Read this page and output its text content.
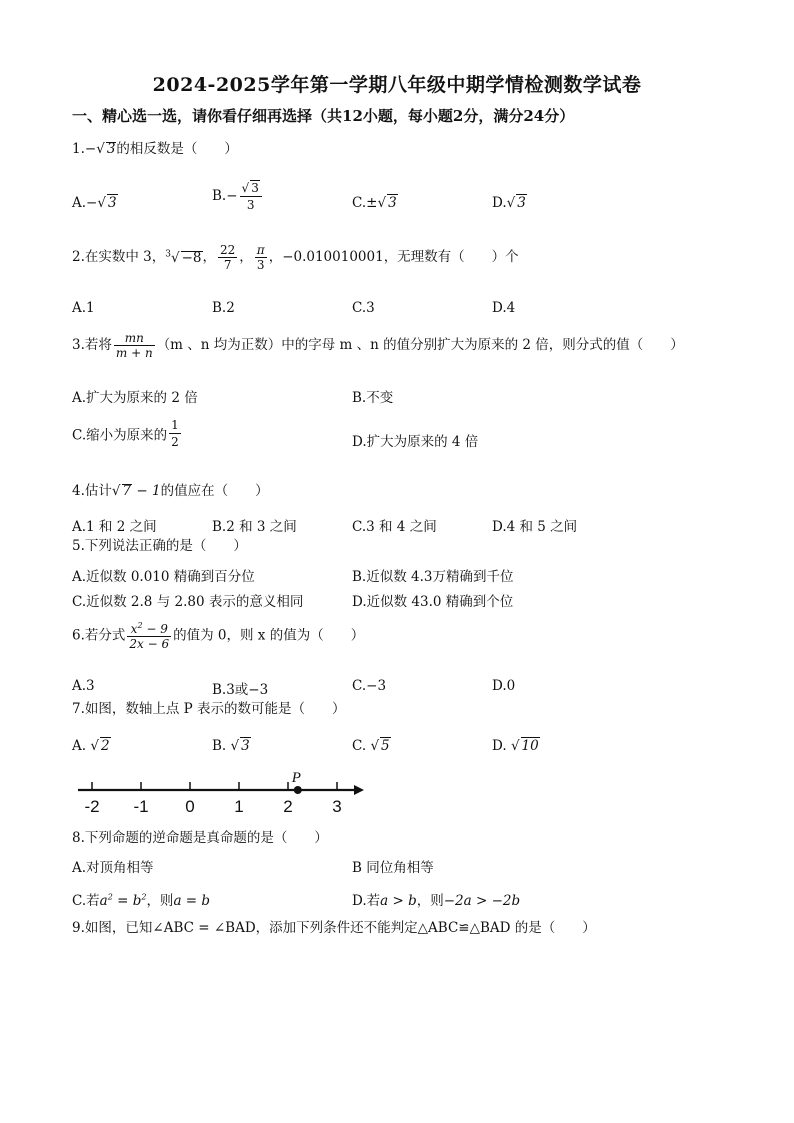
2024-2025学年第一学期八年级中期学情检测数学试卷
一、精心选一选，请你看仔细再选择（共12小题，每小题2分，满分24分）
1.−√ 3的相反数是（　　）
A.−√ 3	$B.- \frac{√ 3}{3}$	C.±√ 3	D.√ 3
2.在实数中 3，$^3$√ −8， $\frac{22}{7}$ ， $\frac{\pi}{3}$ ，−0.010010001，无理数有（　　）个
A.1	B.2	C.3	D.4
3.若将 $\frac{mn}{m + n} (m$ 、n 均为正数）中的字母 m 、n 的值分别扩大为原来的 2 倍，则分式的值（　　）
A.扩大为原来的 2 倍	B.不变
C.缩小为原来的 $\frac{1}{2}$	D.扩大为原来的 4 倍
4.估计√ 7 − 1的值应在（　　）
A.1 和 2 之间	B.2 和 3 之间	C.3 和 4 之间	D.4 和 5 之间
5.下列说法正确的是（　　）
A.近似数 0.010 精确到百分位	B.近似数 4.3万精确到千位
C.近似数 2.8 与 2.80 表示的意义相同	D.近似数 43.0 精确到个位
6.若分式 $\frac{x^2 - 9}{2x - 6}$ 的值为 0，则 x 的值为（　　）
A.3	B.3或−3	C.−3	D.0
7.如图，数轴上点 P 表示的数可能是（　　）
A. √ 2	B. √ 3	C. √ 5	D. √ 10
-2 -1 0 1 2 3
P
8.下列命题的逆命题是真命题的是（　　）
A.对顶角相等	B 同位角相等
C.若$a^2 = b^2$，则a = b	D.若a > b，则−2a > −2b
9.如图，已知∠ABC = ∠BAD，添加下列条件还不能判定△ABC≌△BAD 的是（　　）
